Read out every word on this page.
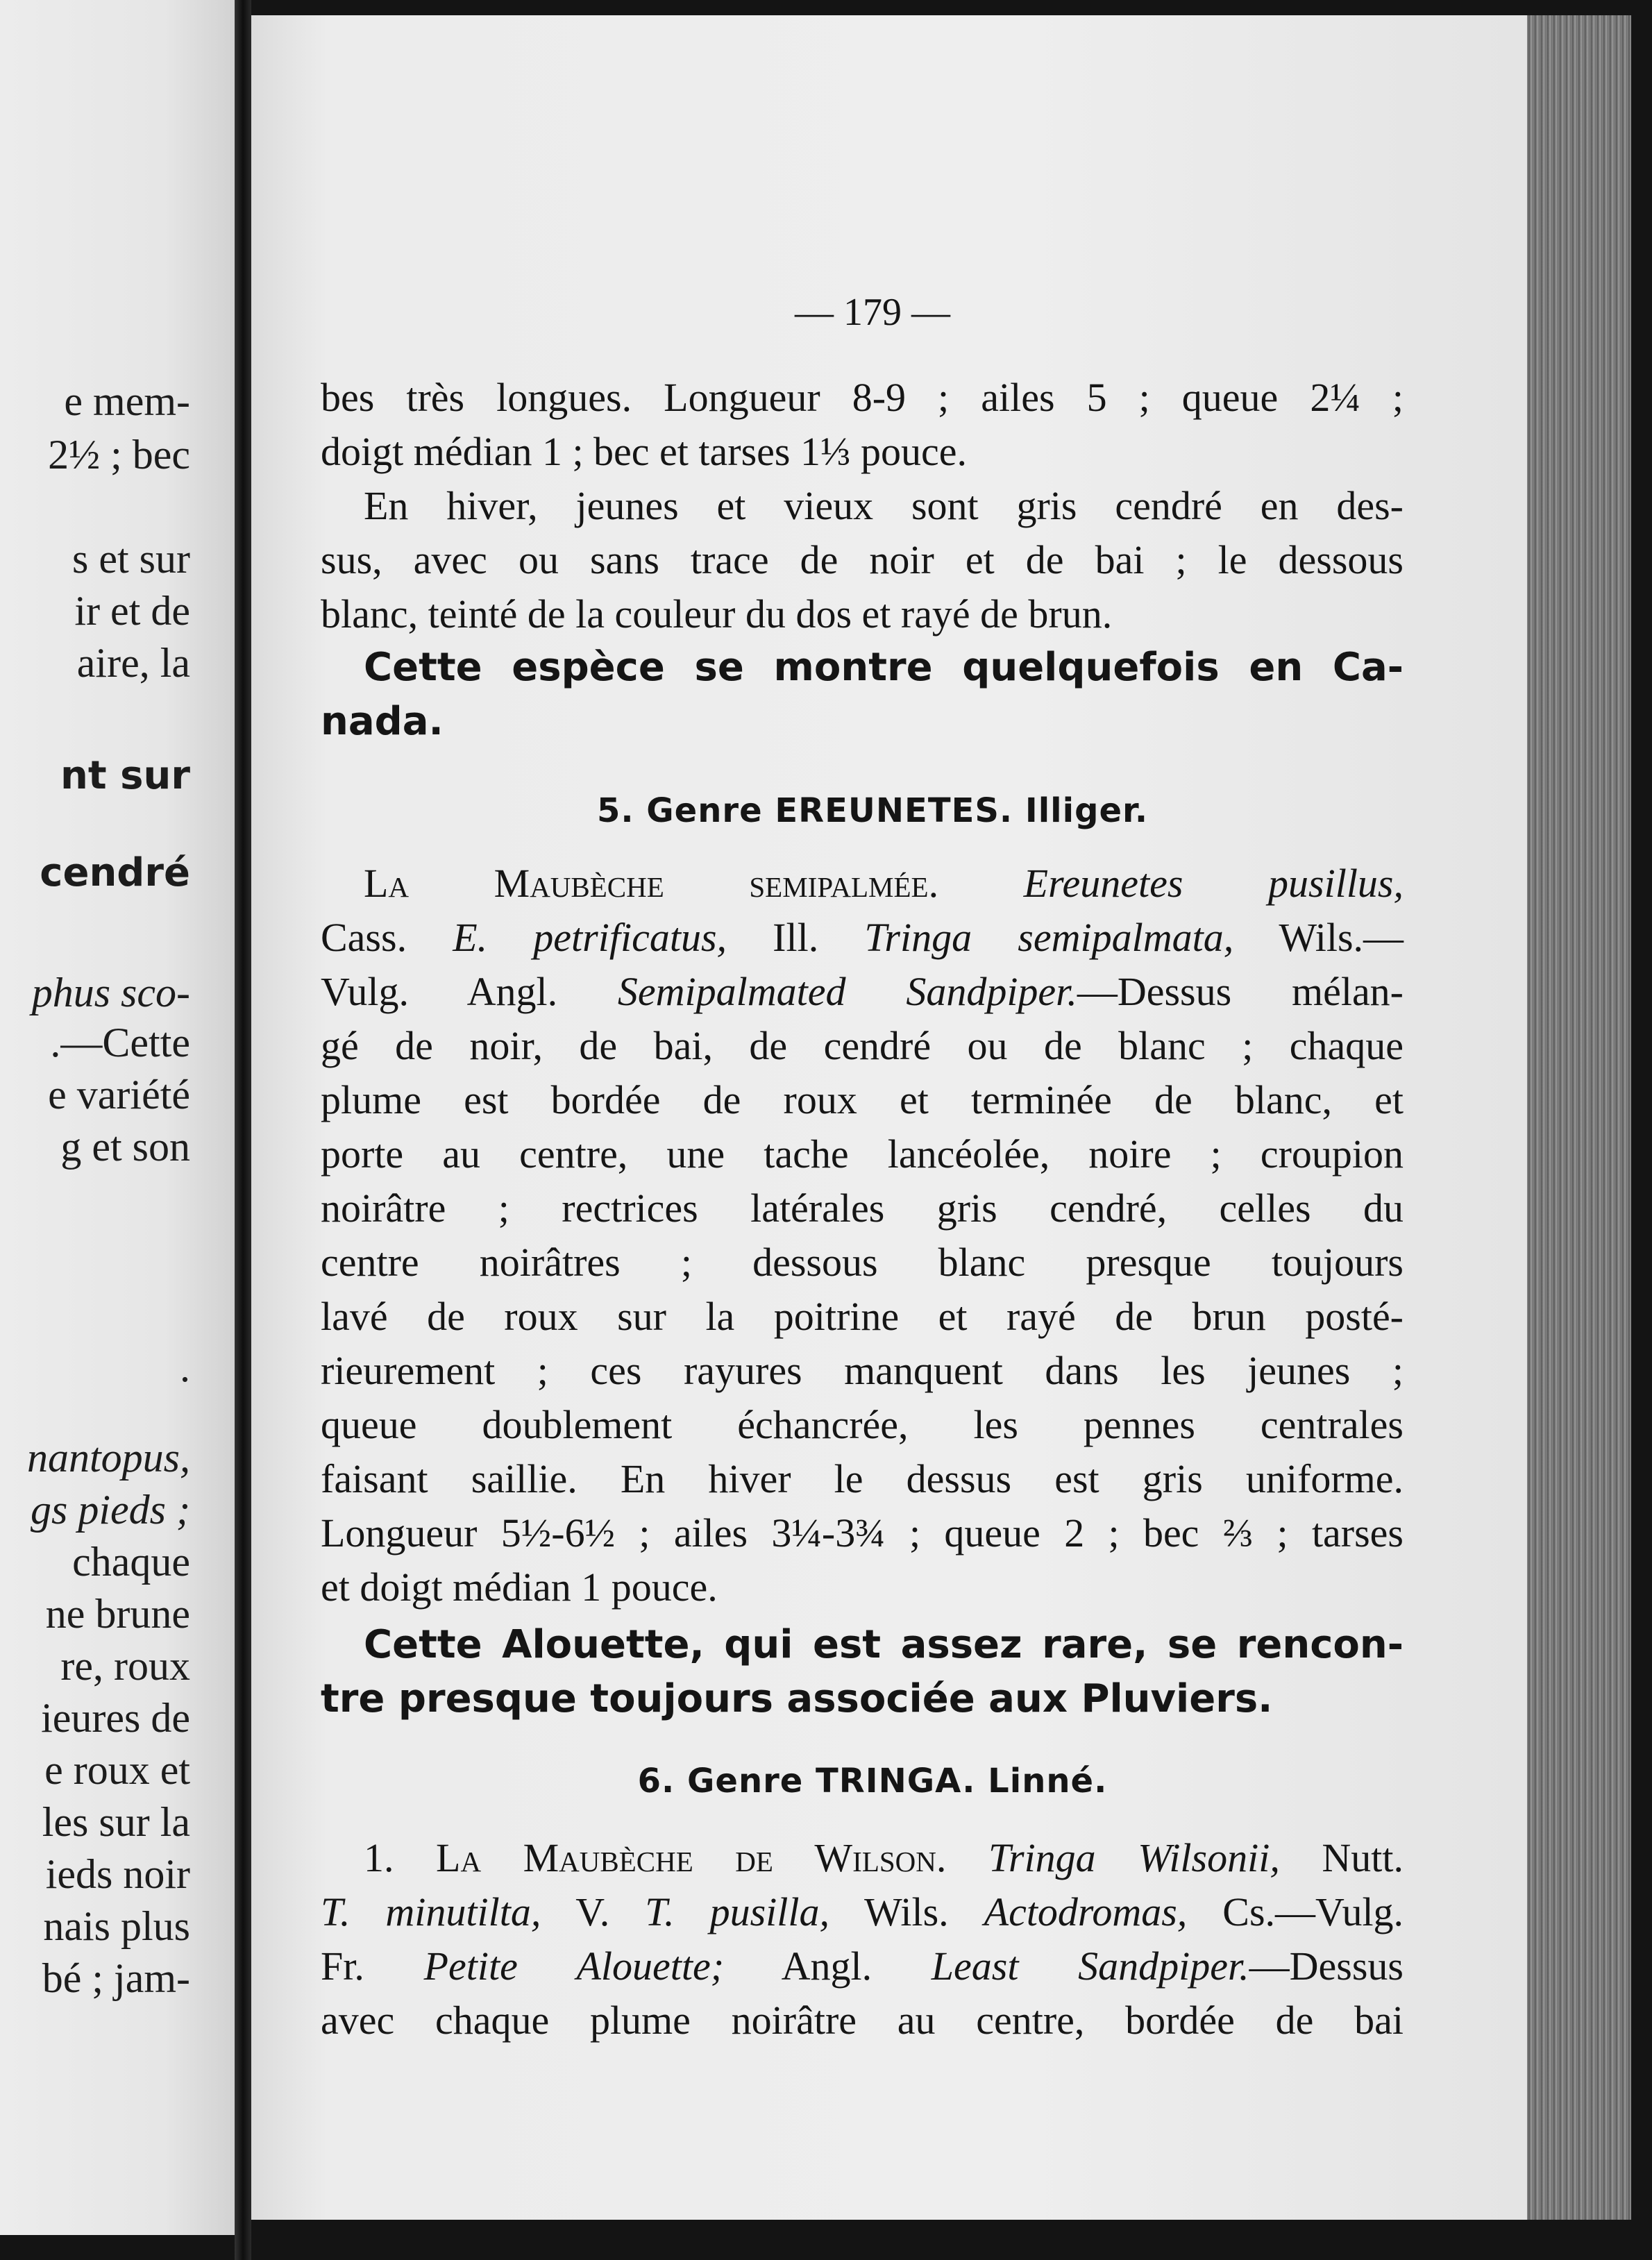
e mem-
2½ ; bec
s et sur
ir et de
aire, la
nt sur
cendré
phus sco-
.—Cette
e variété
g et son
.
nantopus,
gs pieds ;
chaque
ne brune
re, roux
ieures de
e roux et
les sur la
ieds noir
nais plus
bé ; jam-
— 179 —
bes très longues. Longueur 8-9 ; ailes 5 ; queue 2¼ ;
doigt médian 1 ; bec et tarses 1⅓ pouce.
En hiver, jeunes et vieux sont gris cendré en des-
sus, avec ou sans trace de noir et de bai ; le dessous
blanc, teinté de la couleur du dos et rayé de brun.
Cette espèce se montre quelquefois en Ca-
nada.
5. Genre EREUNETES. Illiger.
La Maubèche semipalmée. Ereunetes pusillus,
Cass. E. petrificatus, Ill. Tringa semipalmata, Wils.—
Vulg. Angl. Semipalmated Sandpiper.—Dessus mélan-
gé de noir, de bai, de cendré ou de blanc ; chaque
plume est bordée de roux et terminée de blanc, et
porte au centre, une tache lancéolée, noire ; croupion
noirâtre ; rectrices latérales gris cendré, celles du
centre noirâtres ; dessous blanc presque toujours
lavé de roux sur la poitrine et rayé de brun posté-
rieurement ; ces rayures manquent dans les jeunes ;
queue doublement échancrée, les pennes centrales
faisant saillie. En hiver le dessus est gris uniforme.
Longueur 5½-6½ ; ailes 3¼-3¾ ; queue 2 ; bec ⅔ ; tarses
et doigt médian 1 pouce.
Cette Alouette, qui est assez rare, se rencon-
tre presque toujours associée aux Pluviers.
6. Genre TRINGA. Linné.
1. La Maubèche de Wilson. Tringa Wilsonii, Nutt.
T. minutilta, V. T. pusilla, Wils. Actodromas, Cs.—Vulg.
Fr. Petite Alouette; Angl. Least Sandpiper.—Dessus
avec chaque plume noirâtre au centre, bordée de bai
